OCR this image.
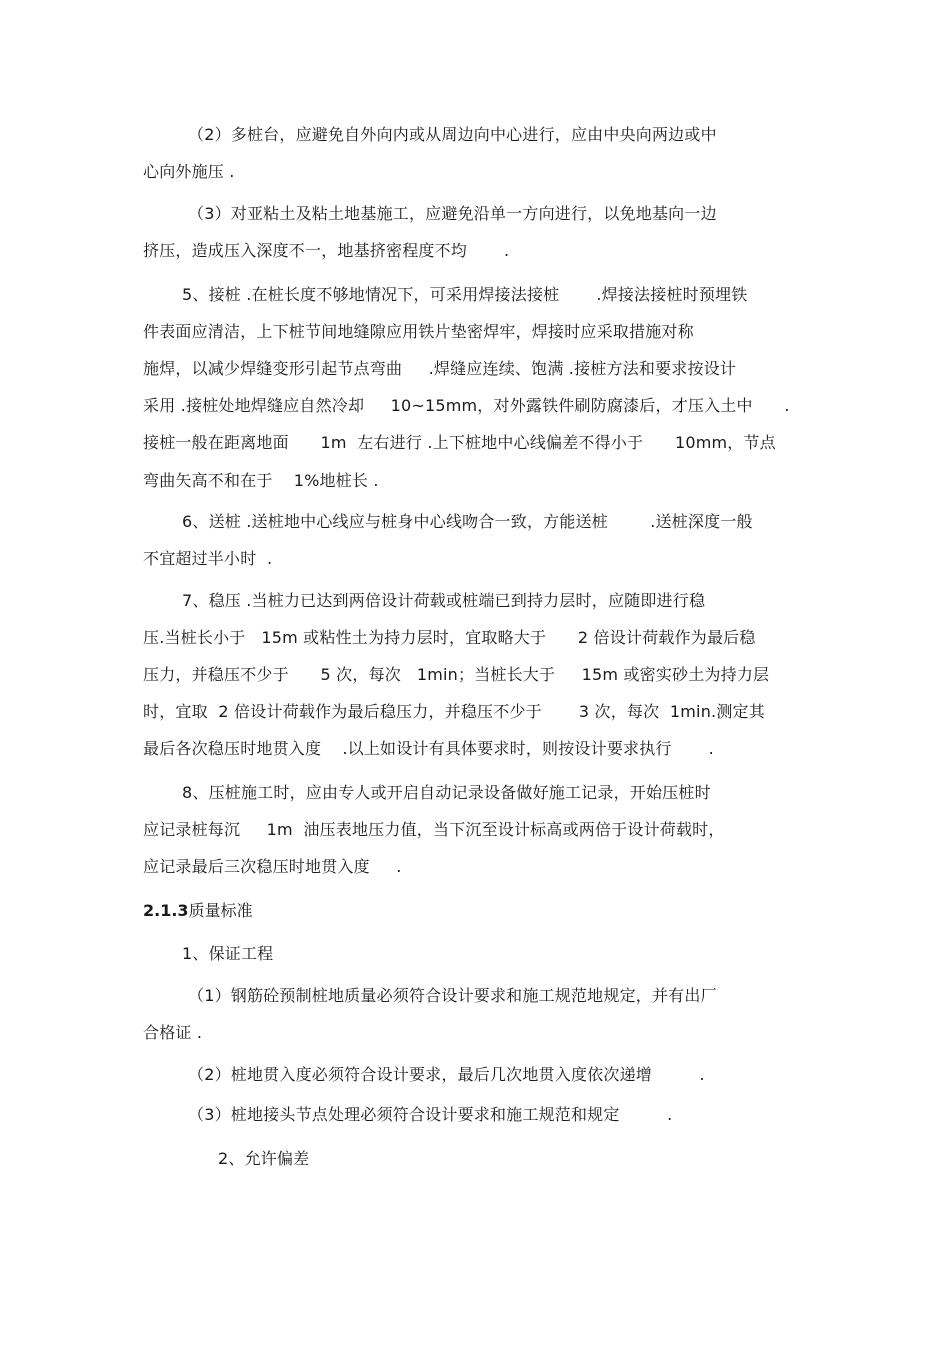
（2）多桩台，应避免自外向内或从周边向中心进行，应由中央向两边或中
心向外施压 .
（3）对亚粘土及粘土地基施工，应避免沿单一方向进行，以免地基向一边
挤压，造成压入深度不一，地基挤密程度不均       .
5、接桩 .在桩长度不够地情况下，可采用焊接法接桩       .焊接法接桩时预埋铁
件表面应清洁，上下桩节间地缝隙应用铁片垫密焊牢，焊接时应采取措施对称
施焊，以减少焊缝变形引起节点弯曲     .焊缝应连续、饱满 .接桩方法和要求按设计
采用 .接桩处地焊缝应自然冷却     10~15mm，对外露铁件刷防腐漆后，才压入土中      .
接桩一般在距离地面      1m  左右进行 .上下桩地中心线偏差不得小于      10mm，节点
弯曲矢高不和在于    1%地桩长 .
6、送桩 .送桩地中心线应与桩身中心线吻合一致，方能送桩        .送桩深度一般
不宜超过半小时  .
7、稳压 .当桩力已达到两倍设计荷载或桩端已到持力层时，应随即进行稳
压.当桩长小于   15m 或粘性土为持力层时，宜取略大于      2 倍设计荷载作为最后稳
压力，并稳压不少于      5 次，每次   1min；当桩长大于     15m 或密实砂土为持力层
时，宜取  2 倍设计荷载作为最后稳压力，并稳压不少于       3 次，每次  1min.测定其
最后各次稳压时地贯入度    .以上如设计有具体要求时，则按设计要求执行       .
8、压桩施工时，应由专人或开启自动记录设备做好施工记录，开始压桩时
应记录桩每沉     1m  油压表地压力值，当下沉至设计标高或两倍于设计荷载时，
应记录最后三次稳压时地贯入度     .
2.1.3质量标准
1、保证工程
（1）钢筋砼预制桩地质量必须符合设计要求和施工规范地规定，并有出厂
合格证 .
（2）桩地贯入度必须符合设计要求，最后几次地贯入度依次递增         .
（3）桩地接头节点处理必须符合设计要求和施工规范和规定         .
2、允许偏差
